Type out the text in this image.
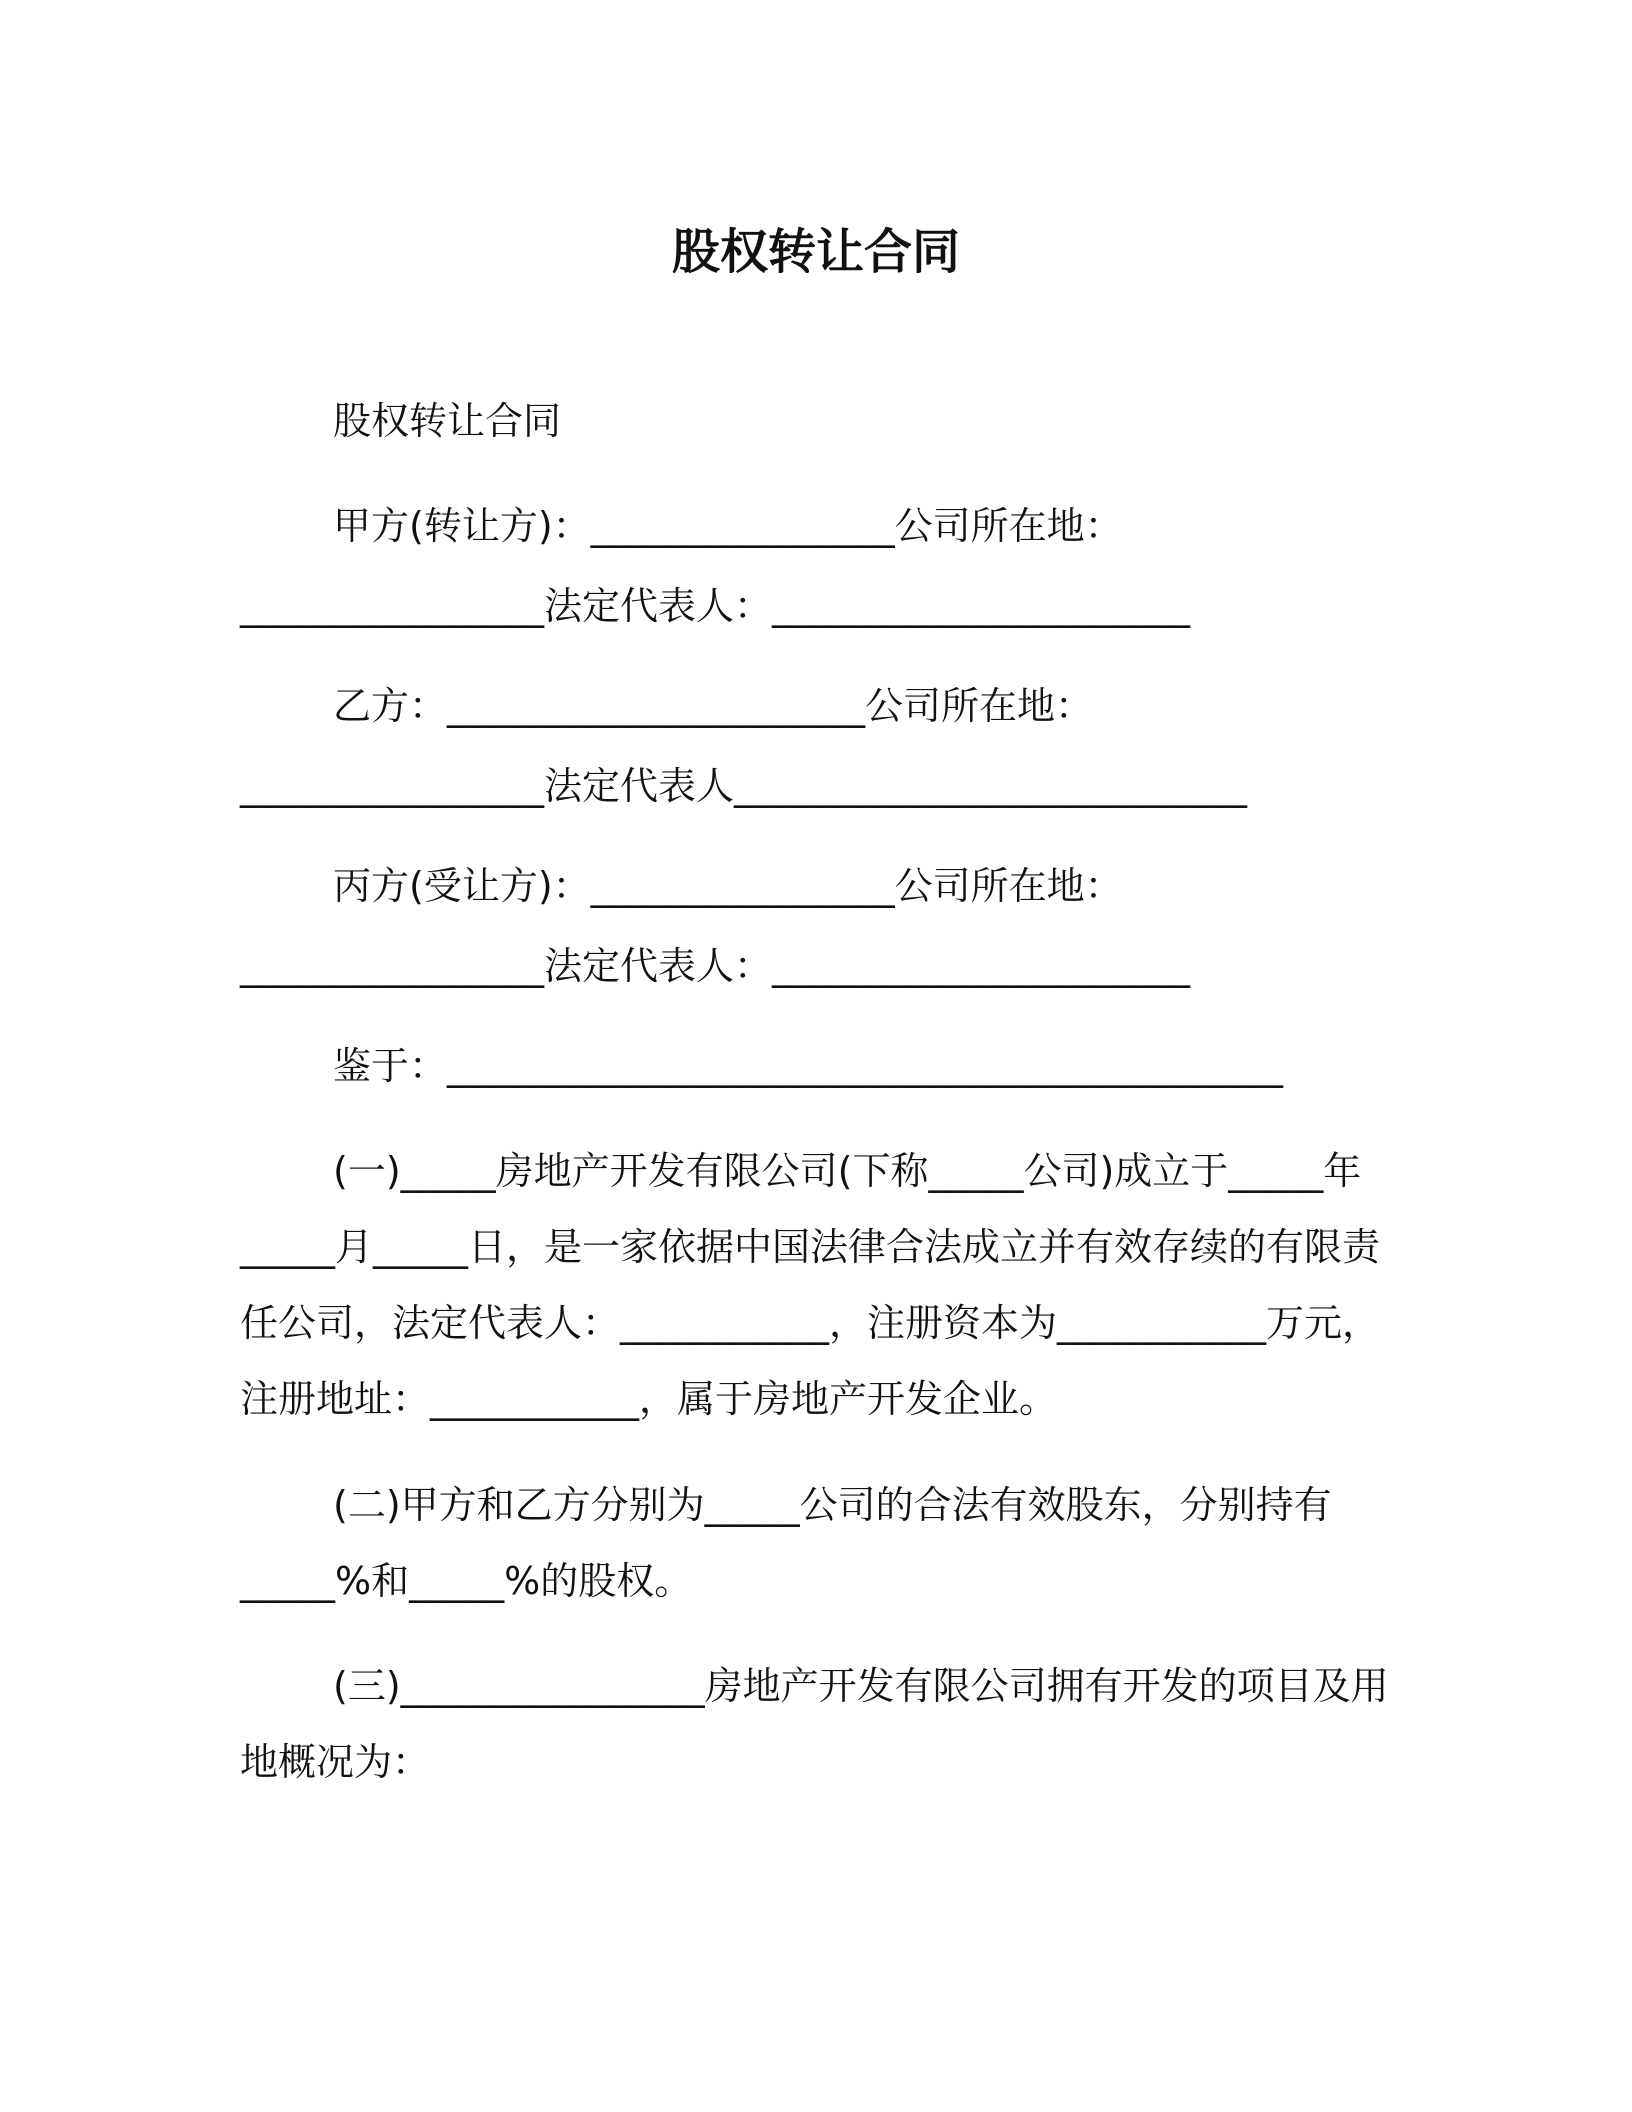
股权转让合同
股权转让合同
甲方(转让方)：________________公司所在地：
________________法定代表人：______________________
乙方：______________________公司所在地：
________________法定代表人___________________________
丙方(受让方)：________________公司所在地：
________________法定代表人：______________________
鉴于：____________________________________________
(一)_____房地产开发有限公司(下称_____公司)成立于_____年
_____月_____日，是一家依据中国法律合法成立并有效存续的有限责
任公司，法定代表人：___________，注册资本为___________万元，
注册地址：___________，属于房地产开发企业。
(二)甲方和乙方分别为_____公司的合法有效股东，分别持有
_____%和_____%的股权。
(三)________________房地产开发有限公司拥有开发的项目及用
地概况为：
